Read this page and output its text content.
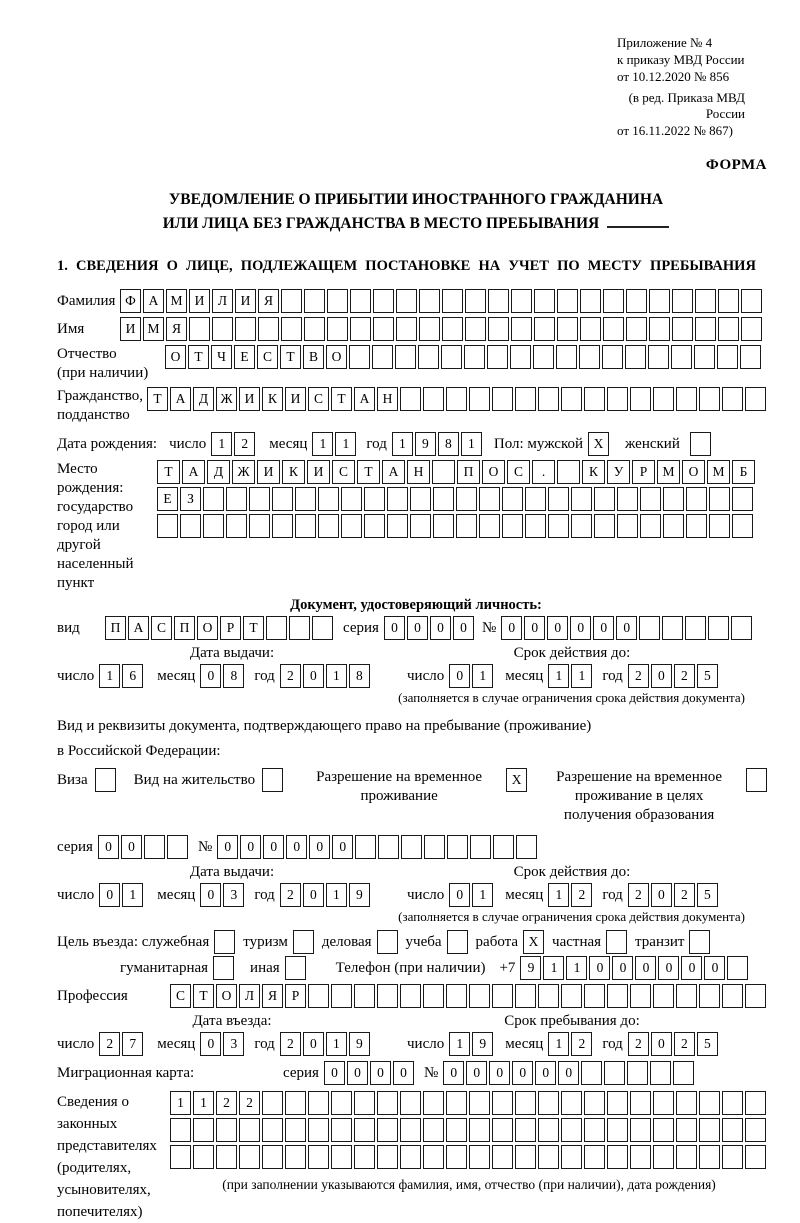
Приложение № 4
к приказу МВД России
от 10.12.2020 № 856
(в ред. Приказа МВД России
от 16.11.2022 № 867)
ФОРМА
УВЕДОМЛЕНИЕ О ПРИБЫТИИ ИНОСТРАННОГО ГРАЖДАНИНА
ИЛИ ЛИЦА БЕЗ ГРАЖДАНСТВА В МЕСТО ПРЕБЫВАНИЯ
1. СВЕДЕНИЯ О ЛИЦЕ, ПОДЛЕЖАЩЕМ ПОСТАНОВКЕ НА УЧЕТ ПО МЕСТУ ПРЕБЫВАНИЯ
Фамилия Ф А М И	Л	И	Я
Имя	И М Я
Отчество
(при наличии)
О	Т	Ч	Е	С	Т	В	О
Гражданство,
подданство
Т	А	Д Ж И	К	И	С	Т	А Н
Дата рождения: число 1	2	месяц 1	1	год 1	9	8	1	Пол: мужской X	женский
Место рождения:
государство
город или другой
населенный пункт
Т	А	Д	Ж	И	К	И	С	Т	А	Н	П	О	С	.	К	У	Р	М	О	М	Б
Е	З
Документ, удостоверяющий личность:
вид	П А	С	П О	Р	Т	серия 0	0	0	0	№ 0	0	0	0	0	0
Дата выдачи:	Срок действия до:
число 1	6	месяц 0	8	год 2	0	1	8	число 0	1	месяц 1	1	год 2	0	2	5
(заполняется в случае ограничения срока действия документа)
Вид и реквизиты документа, подтверждающего право на пребывание (проживание)
в Российской Федерации:
Виза	Вид на жительство	Разрешение на временное
проживание
X	Разрешение на временное
проживание в целях
получения образования
серия 0	0	№ 0	0	0	0	0	0
Дата выдачи:	Срок действия до:
число 0	1	месяц 0	3	год 2	0	1	9	число 0	1	месяц 1	2	год 2	0	2	5
(заполняется в случае ограничения срока действия документа)
Цель въезда: служебная туризм деловая учеба работа X частная транзит
гуманитарная	иная	Телефон (при наличии) +7 9	1	1	0	0	0	0	0	0
Профессия	С	Т	О	Л	Я	Р
Дата въезда:	Срок пребывания до:
число 2	7	месяц 0	3	год 2	0	1	9	число 1	9	месяц 1	2	год 2	0	2	5
Миграционная карта:	серия 0	0	0	0	№ 0	0	0	0	0	0
Сведения о
законных
представителях
(родителях,
усыновителях,
попечителях)
1	1	2	2
(при заполнении указываются фамилия, имя, отчество (при наличии), дата рождения)
